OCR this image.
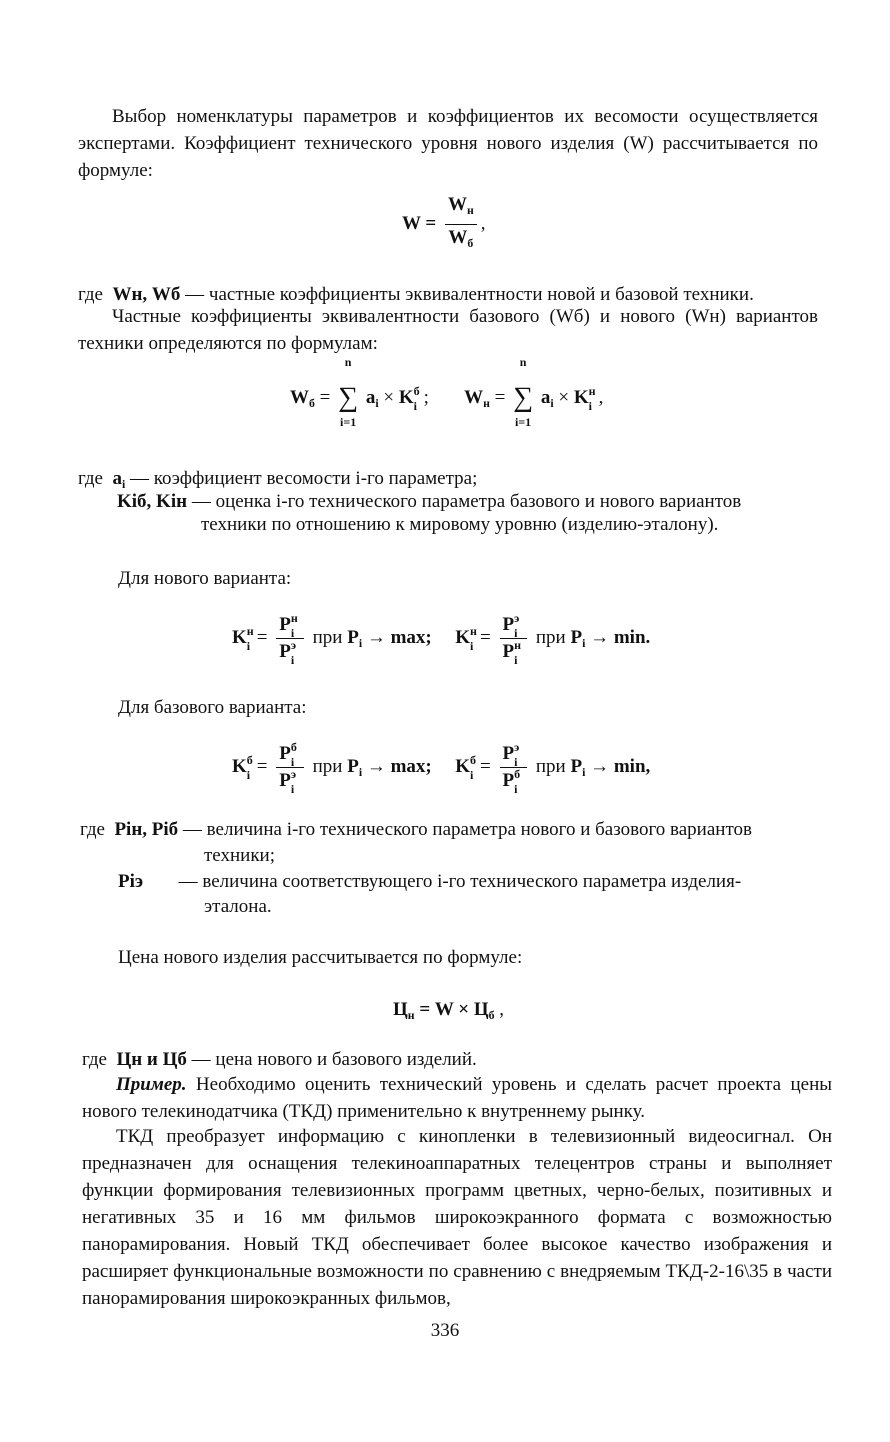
Выбор номенклатуры параметров и коэффициентов их весомости осуществляется экспертами. Коэффициент технического уровня нового изделия (W) рассчитывается по формуле:
$W = \frac{W_н}{W_б}$ ,
где Wн, Wб — частные коэффициенты эквивалентности новой и базовой техники.
Частные коэффициенты эквивалентности базового (Wб) и нового (Wн) вариантов техники определяются по формулам:
$W_б$ =
n
∑
i=1
$a_i \times K$ б
i ; $W_н$ =
n
∑
i=1
$a_i \times K$ н
i ,
где $a_i$ — коэффициент весомости i-го параметра;
Kiб, Kiн — оценка i-го технического параметра базового и нового вариантов
техники по отношению к мировому уровню (изделию-эталону).
Для нового варианта:
K н
i = P н
i
P э
i при $P_i \to \max$; K н
i = P э
i
P н
i при $P_i \to \min$.
Для базового варианта:
K б
i = P б
i
P э
i при $P_i \to \max$; K б
i = P э
i
P б
i при $P_i \to \min$,
где Piн, Piб — величина i-го технического параметра нового и базового вариантов
техники;
Piэ — величина соответствующего i-го технического параметра изделия-
эталона.
Цена нового изделия рассчитывается по формуле:
$Ц_н = W \times Ц_б$ ,
где Цн и Цб — цена нового и базового изделий.
Пример. Необходимо оценить технический уровень и сделать расчет проекта цены нового телекинодатчика (ТКД) применительно к внутреннему рынку.
ТКД преобразует информацию с кинопленки в телевизионный видеосигнал. Он предназначен для оснащения телекиноаппаратных телецентров страны и выполняет функции формирования телевизионных программ цветных, черно-белых, позитивных и негативных 35 и 16 мм фильмов широкоэкранного формата с возможностью панорамирования. Новый ТКД обеспечивает более высокое качество изображения и расширяет функциональные возможности по сравнению с внедряемым ТКД-2-16\35 в части панорамирования широкоэкранных фильмов,
336
